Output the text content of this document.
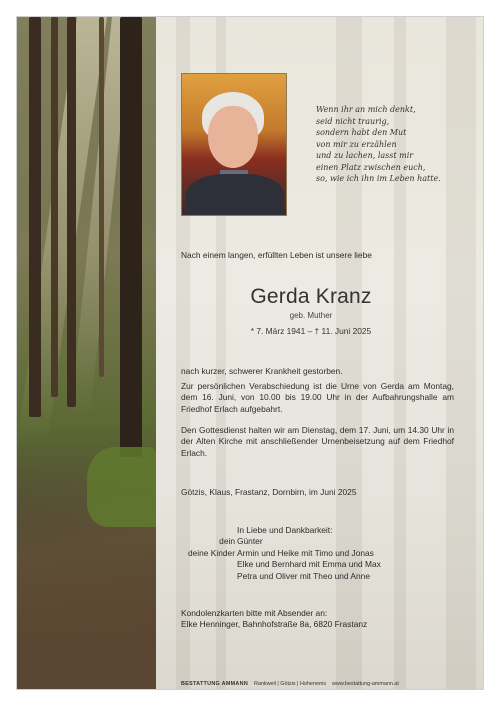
Wenn ihr an mich denkt,
seid nicht traurig,
sondern habt den Mut
von mir zu erzählen
und zu lachen, lasst mir
einen Platz zwischen euch,
so, wie ich ihn im Leben hatte.
Nach einem langen, erfüllten Leben ist unsere liebe
Gerda Kranz
geb. Muther
* 7. März 1941 – † 11. Juni 2025
nach kurzer, schwerer Krankheit gestorben.
Zur persönlichen Verabschiedung ist die Urne von Gerda am Montag, dem 16. Juni, von 10.00 bis 19.00 Uhr in der Aufbahrungshalle am Friedhof Erlach aufgebahrt.
Den Gottesdienst halten wir am Dienstag, dem 17. Juni, um 14.30 Uhr in der Alten Kirche mit anschließender Urnenbeisetzung auf dem Friedhof Erlach.
Götzis, Klaus, Frastanz, Dornbirn, im Juni 2025
In Liebe und Dankbarkeit:
dein Günter
deine Kinder Armin und Heike mit Timo und Jonas
Elke und Bernhard mit Emma und Max
Petra und Oliver mit Theo und Anne
Kondolenzkarten bitte mit Absender an:
Elke Henninger, Bahnhofstraße 8a, 6820 Frastanz
BESTATTUNG AMMANN Rankweil | Götzis | Hohenems www.bestattung-ammann.at
